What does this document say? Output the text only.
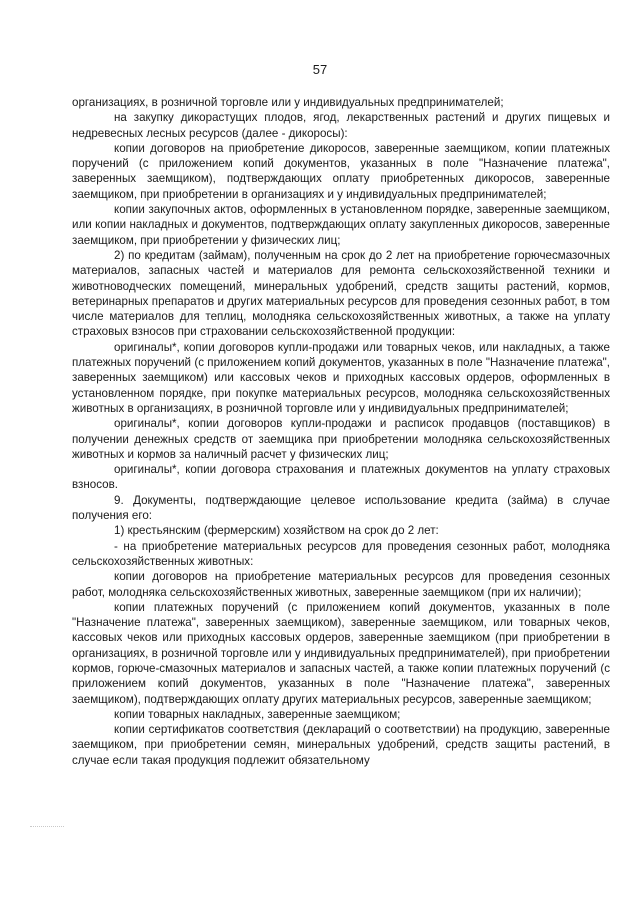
57

организациях, в розничной торговле или у индивидуальных предпринимателей;

на закупку дикорастущих плодов, ягод, лекарственных растений и других пищевых и недревесных лесных ресурсов (далее - дикоросы):

копии договоров на приобретение дикоросов, заверенные заемщиком, копии платежных поручений (с приложением копий документов, указанных в поле "Назначение платежа", заверенных заемщиком), подтверждающих оплату приобретенных дикоросов, заверенные заемщиком, при приобретении в организациях и у индивидуальных предпринимателей;

копии закупочных актов, оформленных в установленном порядке, заверенные заемщиком, или копии накладных и документов, подтверждающих оплату закупленных дикоросов, заверенные заемщиком, при приобретении у физических лиц;

2) по кредитам (займам), полученным на срок до 2 лет на приобретение горючесмазочных материалов, запасных частей и материалов для ремонта сельскохозяйственной техники и животноводческих помещений, минеральных удобрений, средств защиты растений, кормов, ветеринарных препаратов и других материальных ресурсов для проведения сезонных работ, в том числе материалов для теплиц, молодняка сельскохозяйственных животных, а также на уплату страховых взносов при страховании сельскохозяйственной продукции:

оригиналы*, копии договоров купли-продажи или товарных чеков, или накладных, а также платежных поручений (с приложением копий документов, указанных в поле "Назначение платежа", заверенных заемщиком) или кассовых чеков и приходных кассовых ордеров, оформленных в установленном порядке, при покупке материальных ресурсов, молодняка сельскохозяйственных животных в организациях, в розничной торговле или у индивидуальных предпринимателей;

оригиналы*, копии договоров купли-продажи и расписок продавцов (поставщиков) в получении денежных средств от заемщика при приобретении молодняка сельскохозяйственных животных и кормов за наличный расчет у физических лиц;

оригиналы*, копии договора страхования и платежных документов на уплату страховых взносов.

9. Документы, подтверждающие целевое использование кредита (займа) в случае получения его:

1) крестьянским (фермерским) хозяйством на срок до 2 лет:

- на приобретение материальных ресурсов для проведения сезонных работ, молодняка сельскохозяйственных животных:

копии договоров на приобретение материальных ресурсов для проведения сезонных работ, молодняка сельскохозяйственных животных, заверенные заемщиком (при их наличии);

копии платежных поручений (с приложением копий документов, указанных в поле "Назначение платежа", заверенных заемщиком), заверенные заемщиком, или товарных чеков, кассовых чеков или приходных кассовых ордеров, заверенные заемщиком (при приобретении в организациях, в розничной торговле или у индивидуальных предпринимателей), при приобретении кормов, горюче-смазочных материалов и запасных частей, а также копии платежных поручений (с приложением копий документов, указанных в поле "Назначение платежа", заверенных заемщиком), подтверждающих оплату других материальных ресурсов, заверенные заемщиком;

копии товарных накладных, заверенные заемщиком;

копии сертификатов соответствия (деклараций о соответствии) на продукцию, заверенные заемщиком, при приобретении семян, минеральных удобрений, средств защиты растений, в случае если такая продукция подлежит обязательному
